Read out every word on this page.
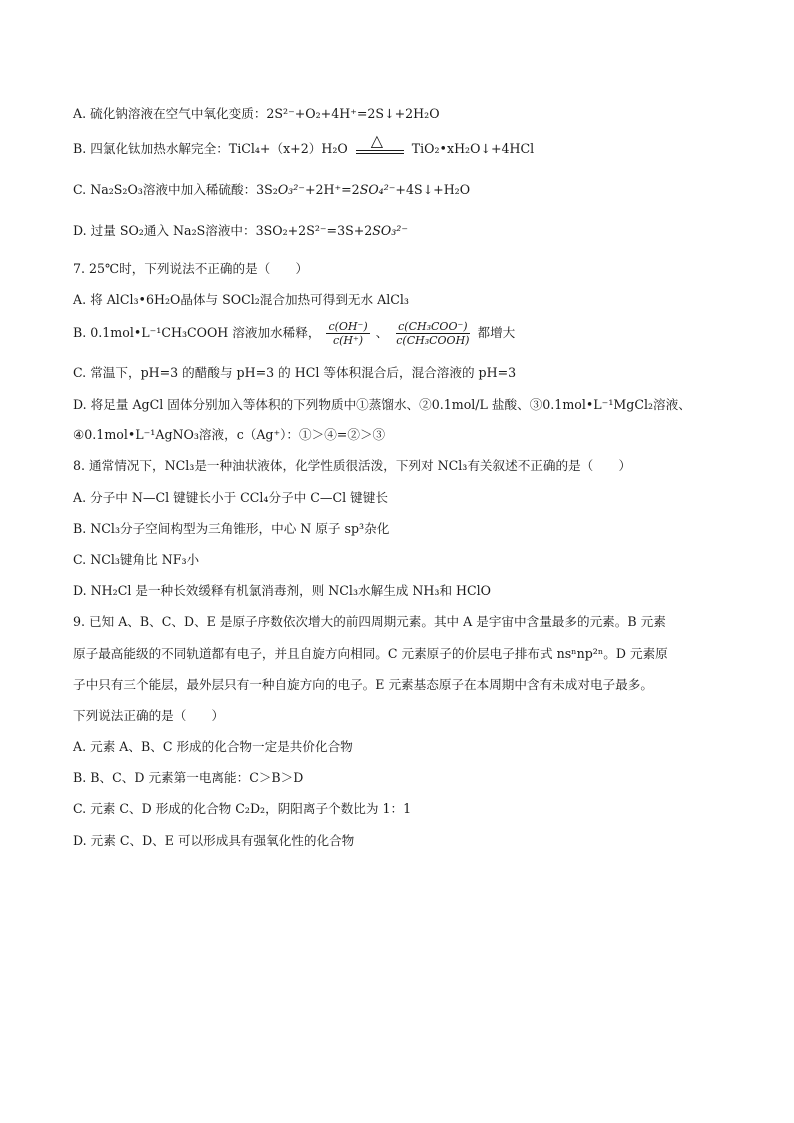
A. 硫化钠溶液在空气中氧化变质：2S²⁻+O₂+4H⁺=2S↓+2H₂O
B. 四氯化钛加热水解完全：TiCl₄+（x+2）H₂O △ TiO₂•xH₂O↓+4HCl
C. Na₂S₂O₃溶液中加入稀硫酸：3S₂O₃²⁻+2H⁺=2SO₄²⁻+4S↓+H₂O
D. 过量 SO₂通入 Na₂S溶液中：3SO₂+2S²⁻=3S+2SO₃²⁻
7. 25℃时，下列说法不正确的是（　　）
A. 将 AlCl₃•6H₂O晶体与 SOCl₂混合加热可得到无水 AlCl₃
B. 0.1mol•L⁻¹CH₃COOH 溶液加水稀释， $\frac{c(OH^-)}{c(H^+)}$ 、 $\frac{\text{c(CH₃COO⁻)}}{\text{c(CH₃COOH)}}$ 都增大
C. 常温下，pH=3 的醋酸与 pH=3 的 HCl 等体积混合后，混合溶液的 pH=3
D. 将足量 AgCl 固体分别加入等体积的下列物质中①蒸馏水、②0.1mol/L 盐酸、③0.1mol•L⁻¹MgCl₂溶液、
④0.1mol•L⁻¹AgNO₃溶液，c（Ag⁺）：①＞④=②＞③
8. 通常情况下，NCl₃是一种油状液体，化学性质很活泼，下列对 NCl₃有关叙述不正确的是（　　）
A. 分子中 N—Cl 键键长小于 CCl₄分子中 C—Cl 键键长
B. NCl₃分子空间构型为三角锥形，中心 N 原子 sp³杂化
C. NCl₃键角比 NF₃小
D. NH₂Cl 是一种长效缓释有机氯消毒剂，则 NCl₃水解生成 NH₃和 HClO
9. 已知 A、B、C、D、E 是原子序数依次增大的前四周期元素。其中 A 是宇宙中含量最多的元素。B 元素
原子最高能级的不同轨道都有电子，并且自旋方向相同。C 元素原子的价层电子排布式 nsⁿnp²ⁿ。D 元素原
子中只有三个能层，最外层只有一种自旋方向的电子。E 元素基态原子在本周期中含有未成对电子最多。
下列说法正确的是（　　）
A. 元素 A、B、C 形成的化合物一定是共价化合物
B. B、C、D 元素第一电离能：C＞B＞D
C. 元素 C、D 形成的化合物 C₂D₂，阴阳离子个数比为 1：1
D. 元素 C、D、E 可以形成具有强氧化性的化合物
